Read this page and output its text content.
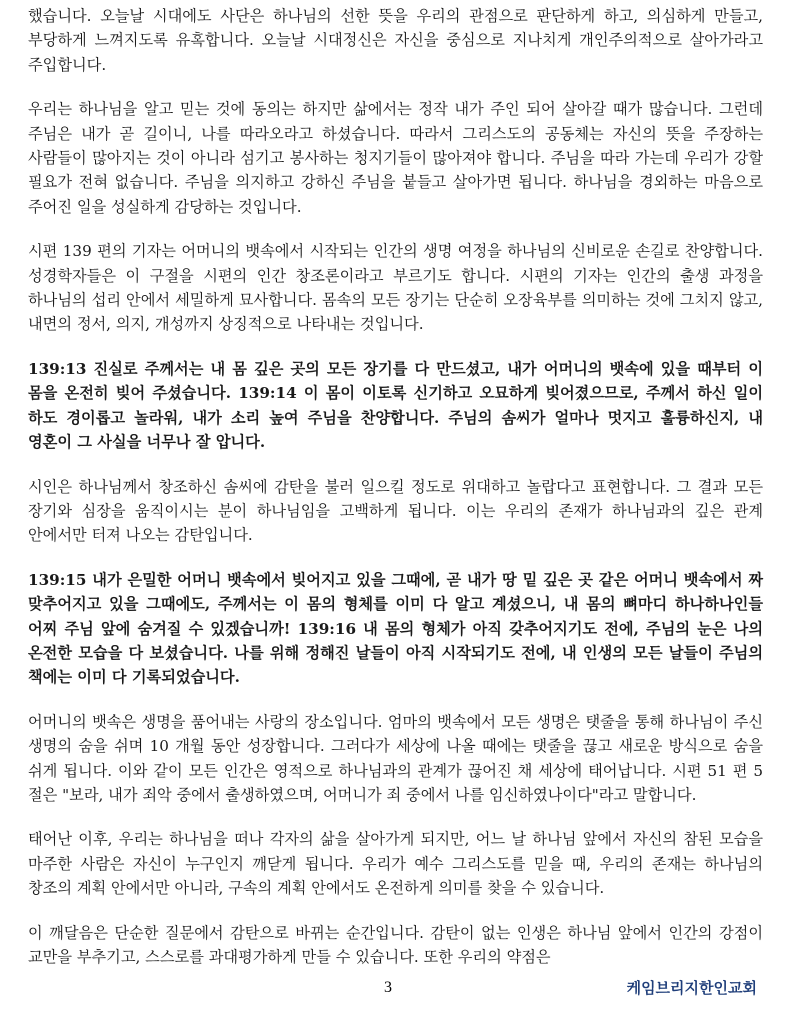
했습니다. 오늘날 시대에도 사단은 하나님의 선한 뜻을 우리의 관점으로 판단하게 하고, 의심하게 만들고, 부당하게 느껴지도록 유혹합니다. 오늘날 시대정신은 자신을 중심으로 지나치게 개인주의적으로 살아가라고 주입합니다.

우리는 하나님을 알고 믿는 것에 동의는 하지만 삶에서는 정작 내가 주인 되어 살아갈 때가 많습니다. 그런데 주님은 내가 곧 길이니, 나를 따라오라고 하셨습니다. 따라서 그리스도의 공동체는 자신의 뜻을 주장하는 사람들이 많아지는 것이 아니라 섬기고 봉사하는 청지기들이 많아져야 합니다. 주님을 따라 가는데 우리가 강할 필요가 전혀 없습니다. 주님을 의지하고 강하신 주님을 붙들고 살아가면 됩니다. 하나님을 경외하는 마음으로 주어진 일을 성실하게 감당하는 것입니다.

시편 139 편의 기자는 어머니의 뱃속에서 시작되는 인간의 생명 여정을 하나님의 신비로운 손길로 찬양합니다. 성경학자들은 이 구절을 시편의 인간 창조론이라고 부르기도 합니다. 시편의 기자는 인간의 출생 과정을 하나님의 섭리 안에서 세밀하게 묘사합니다. 몸속의 모든 장기는 단순히 오장육부를 의미하는 것에 그치지 않고, 내면의 정서, 의지, 개성까지 상징적으로 나타내는 것입니다.

139:13 진실로 주께서는 내 몸 깊은 곳의 모든 장기를 다 만드셨고, 내가 어머니의 뱃속에 있을 때부터 이 몸을 온전히 빚어 주셨습니다. 139:14 이 몸이 이토록 신기하고 오묘하게 빚어졌으므로, 주께서 하신 일이 하도 경이롭고 놀라워, 내가 소리 높여 주님을 찬양합니다. 주님의 솜씨가 얼마나 멋지고 훌륭하신지, 내 영혼이 그 사실을 너무나 잘 압니다.

시인은 하나님께서 창조하신 솜씨에 감탄을 불러 일으킬 정도로 위대하고 놀랍다고 표현합니다. 그 결과 모든 장기와 심장을 움직이시는 분이 하나님임을 고백하게 됩니다. 이는 우리의 존재가 하나님과의 깊은 관계 안에서만 터져 나오는 감탄입니다.

139:15 내가 은밀한 어머니 뱃속에서 빚어지고 있을 그때에, 곧 내가 땅 밑 깊은 곳 같은 어머니 뱃속에서 짜 맞추어지고 있을 그때에도, 주께서는 이 몸의 형체를 이미 다 알고 계셨으니, 내 몸의 뼈마디 하나하나인들 어찌 주님 앞에 숨겨질 수 있겠습니까! 139:16 내 몸의 형체가 아직 갖추어지기도 전에, 주님의 눈은 나의 온전한 모습을 다 보셨습니다. 나를 위해 정해진 날들이 아직 시작되기도 전에, 내 인생의 모든 날들이 주님의 책에는 이미 다 기록되었습니다.

어머니의 뱃속은 생명을 품어내는 사랑의 장소입니다. 엄마의 뱃속에서 모든 생명은 탯줄을 통해 하나님이 주신 생명의 숨을 쉬며 10 개월 동안 성장합니다. 그러다가 세상에 나올 때에는 탯줄을 끊고 새로운 방식으로 숨을 쉬게 됩니다. 이와 같이 모든 인간은 영적으로 하나님과의 관계가 끊어진 채 세상에 태어납니다. 시편 51 편 5 절은 "보라, 내가 죄악 중에서 출생하였으며, 어머니가 죄 중에서 나를 임신하였나이다"라고 말합니다.

태어난 이후, 우리는 하나님을 떠나 각자의 삶을 살아가게 되지만, 어느 날 하나님 앞에서 자신의 참된 모습을 마주한 사람은 자신이 누구인지 깨닫게 됩니다. 우리가 예수 그리스도를 믿을 때, 우리의 존재는 하나님의 창조의 계획 안에서만 아니라, 구속의 계획 안에서도 온전하게 의미를 찾을 수 있습니다.

이 깨달음은 단순한 질문에서 감탄으로 바뀌는 순간입니다. 감탄이 없는 인생은 하나님 앞에서 인간의 강점이 교만을 부추기고, 스스로를 과대평가하게 만들 수 있습니다. 또한 우리의 약점은

3	케임브리지한인교회
